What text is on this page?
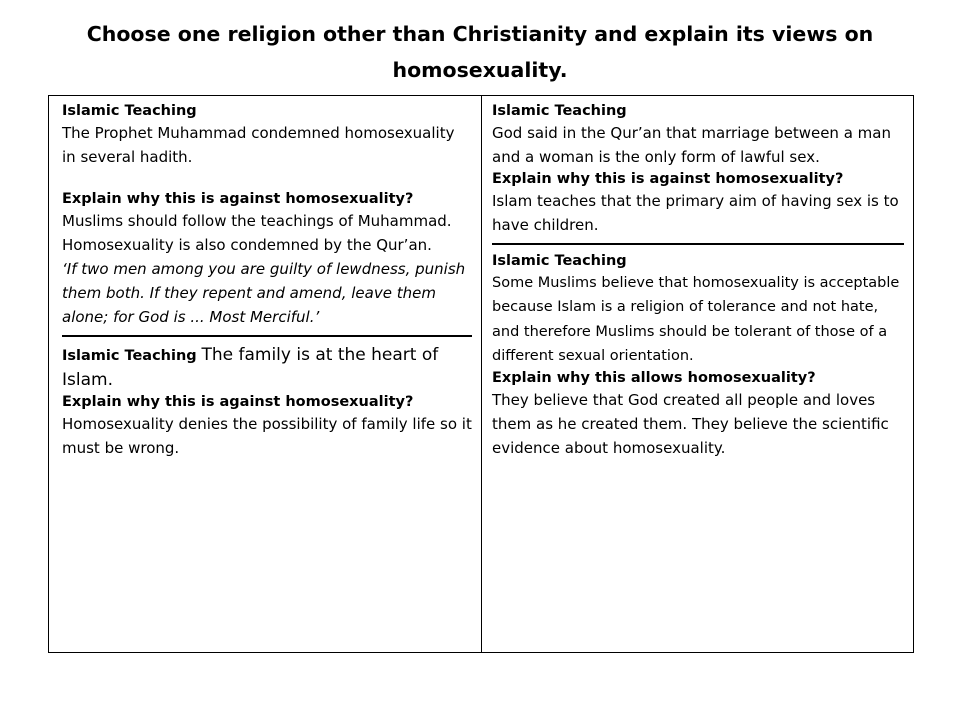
Choose one religion other than Christianity and explain its views on homosexuality.
Islamic Teaching
The Prophet Muhammad condemned homosexuality in several hadith.
Explain why this is against homosexuality?
Muslims should follow the teachings of Muhammad. Homosexuality is also condemned by the Qur’an.
‘If two men among you are guilty of lewdness, punish them both. If they repent and amend, leave them alone; for God is ... Most Merciful.’
Islamic Teaching The family is at the heart of Islam.
Explain why this is against homosexuality?
Homosexuality denies the possibility of family life so it must be wrong.
Islamic Teaching
God said in the Qur’an that marriage between a man and a woman is the only form of lawful sex.
Explain why this is against homosexuality?
Islam teaches that the primary aim of having sex is to have children.
Islamic Teaching
Some Muslims believe that homosexuality is acceptable because Islam is a religion of tolerance and not hate, and therefore Muslims should be tolerant of those of a different sexual orientation.
Explain why this allows homosexuality?
They believe that God created all people and loves them as he created them. They believe the scientific evidence about homosexuality.
